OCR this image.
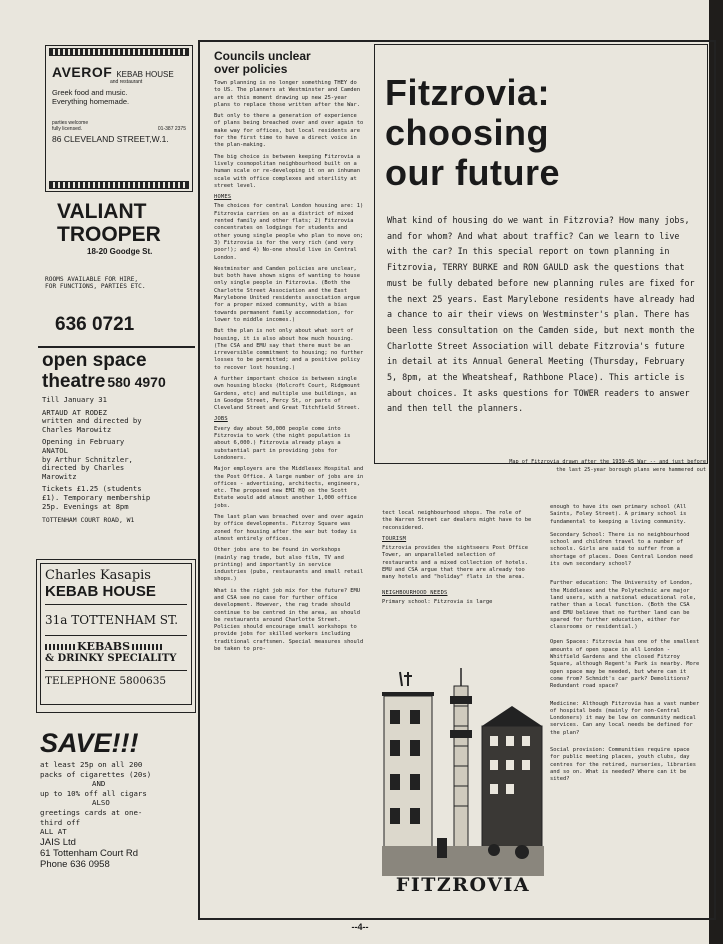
AVEROF KEBAB HOUSE
and restaurant
Greek food and music.
Everything homemade.
parties welcome
fully licensed.	01-387 2375
86 CLEVELAND STREET,W.1.
VALIANT
TROOPER
18-20 Goodge St.
ROOMS AVAILABLE FOR HIRE,
FOR FUNCTIONS, PARTIES ETC.
636 0721
open space
theatre 580 4970
Till January 31
ARTAUD AT RODEZ
written and directed by
Charles Marowitz
Opening in February
ANATOL
by Arthur Schnitzler,
directed by Charles
Marowitz
Tickets £1.25 (students
£1). Temporary membership
25p. Evenings at 8pm
TOTTENHAM COURT ROAD, W1
Charles Kasapis
KEBAB HOUSE
31a TOTTENHAM ST.
KEBABS
& DRINKY SPECIALITY
TELEPHONE 5800635
SAVE!!!
at least 25p on all 200
packs of cigarettes (20s)
AND
up to 10% off all cigars
ALSO
greetings cards at one-
third off
ALL AT
JAIS Ltd
61 Tottenham Court Rd
Phone 636 0958
Councils unclear
over policies

Town planning is no longer something THEY do to US. The planners at Westminster and Camden are at this moment drawing up new 25-year plans to replace those written after the War.

But only to there a generation of experience of plans being breached over and over again to make way for offices, but local residents are for the first time to have a direct voice in the plan-making.

The big choice is between keeping Fitzrovia a lively cosmopolitan neighbourhood built on a human scale or re-developing it on an inhuman scale with office complexes and sterility at street level.

HOMES

The choices for central London housing are: 1) Fitzrovia carries on as a district of mixed rented family and other flats; 2) Fitzrovia concentrates on lodgings for students and other young single people who plan to move on; 3) Fitzrovia is for the very rich (and very poor!); and 4) No-one should live in Central London.

Westminster and Camden policies are unclear, but both have shown signs of wanting to house only single people in Fitzrovia. (Both the Charlotte Street Association and the East Marylebone United residents association argue for a proper mixed community, with a bias towards permanent family accommodation, for lower to middle incomes.)

But the plan is not only about what sort of housing, it is also about how much housing. (The CSA and EMU say that there must be an irreversible commitment to housing; no further losses to be permitted; and a positive policy to recover lost housing.)

A further important choice is between single own housing blocks (Holcroft Court, Ridgmount Gardens, etc) and multiple use buildings, as in Goodge Street, Percy St, or parts of Cleveland Street and Great Titchfield Street.

JOBS

Every day about 50,000 people come into Fitzrovia to work (the night population is about 6,000.) Fitzrovia already plays a substantial part in providing jobs for Londoners.

Major employers are the Middlesex Hospital and the Post Office. A large number of jobs are in offices - advertising, architects, engineers, etc. The proposed new EMI HQ on the Scott Estate would add almost another 1,000 office jobs.

The last plan was breached over and over again by office developments. Fitzroy Square was zoned for housing after the war but today is almost entirely offices.

Other jobs are to be found in workshops (mainly rag trade, but also film, TV and printing) and importantly in service industries (pubs, restaurants and small retail shops.)

What is the right job mix for the future? EMU and CSA see no case for further office development. However, the rag trade should continue to be centred in the area, as should be restaurants around Charlotte Street. Policies should encourage small workshops to provide jobs for skilled workers including traditional craftsmen. Special measures should be taken to pro-

Fitzrovia:
choosing
our future
What kind of housing do we want in Fitzrovia? How many jobs, and for whom? And what about traffic? Can we learn to live with the car? In this special report on town planning in Fitzrovia, TERRY BURKE and RON GAULD ask the questions that must be fully debated before new planning rules are fixed for the next 25 years. East Marylebone residents have already had a chance to air their views on Westminster's plan. There has been less consultation on the Camden side, but next month the Charlotte Street Association will debate Fitzrovia's future in detail at its Annual General Meeting (Thursday, February 5, 8pm, at the Wheatsheaf, Rathbone Place). This article is about choices. It asks questions for TOWER readers to answer and then tell the planners.
Map of Fitzrovia drawn after the 1939-45 War -- and just before
the last 25-year borough plans were hammered out

tect local neighbourhood shops. The role of the Warren Street car dealers might have to be reconsidered.

TOURISM

Fitzrovia provides the sightseers Post Office Tower, an unparalleled selection of restaurants and a mixed collection of hotels. EMU and CSA argue that there are already too many hotels and "holiday" flats in the area.

NEIGHBOURHOOD NEEDS

Primary school: Fitzrovia is large

FITZROVIA

enough to have its own primary school (All Saints, Foley Street). A primary school is fundamental to keeping a living community.

Secondary School: There is no neighbourhood school and children travel to a number of schools. Girls are said to suffer from a shortage of places. Does Central London need its own secondary school?

Further education: The University of London, the Middlesex and the Polytechnic are major land users, with a national educational role, rather than a local function. (Both the CSA and EMU believe that no further land can be spared for further education, either for classrooms or residential.)

Open Spaces: Fitzrovia has one of the smallest amounts of open space in all London - Whitfield Gardens and the closed Fitzroy Square, although Regent's Park is nearby. More open space may be needed, but where can it come from? Schmidt's car park? Demolitions? Redundant road space?

Medicine: Although Fitzrovia has a vast number of hospital beds (mainly for non-Central Londoners) it may be low on community medical services. Can any local needs be defined for the plan?

Social provision: Communities require space for public meeting places, youth clubs, day centres for the retired, nurseries, libraries and so on. What is needed? Where can it be sited?

--4--
